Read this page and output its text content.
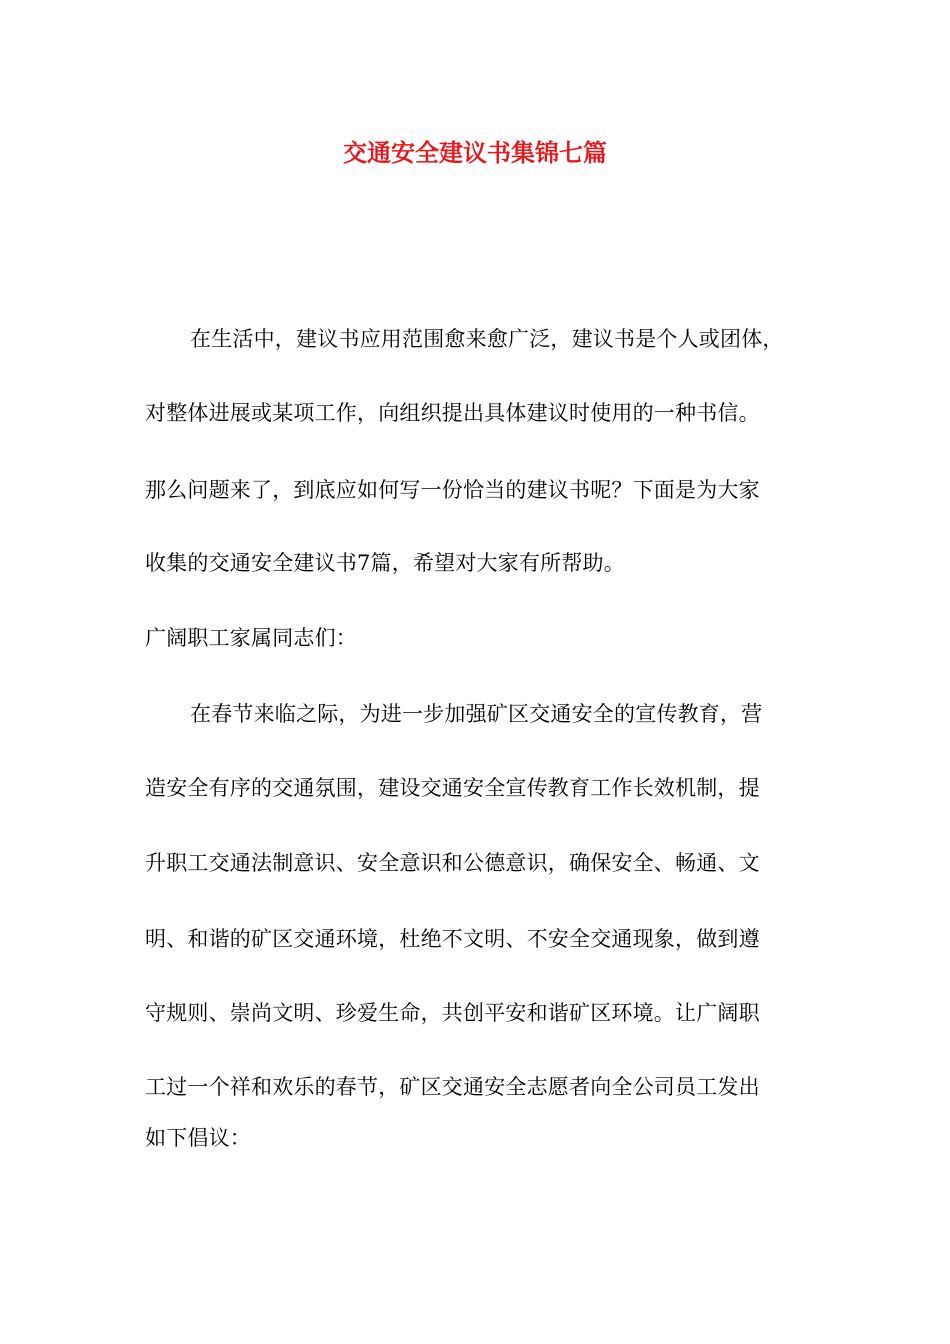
交通安全建议书集锦七篇
在生活中，建议书应用范围愈来愈广泛，建议书是个人或团体，
对整体进展或某项工作，向组织提出具体建议时使用的一种书信。
那么问题来了，到底应如何写一份恰当的建议书呢？下面是为大家
收集的交通安全建议书7篇，希望对大家有所帮助。
广阔职工家属同志们：
在春节来临之际，为进一步加强矿区交通安全的宣传教育，营
造安全有序的交通氛围，建设交通安全宣传教育工作长效机制，提
升职工交通法制意识、安全意识和公德意识，确保安全、畅通、文
明、和谐的矿区交通环境，杜绝不文明、不安全交通现象，做到遵
守规则、崇尚文明、珍爱生命，共创平安和谐矿区环境。让广阔职
工过一个祥和欢乐的春节，矿区交通安全志愿者向全公司员工发出
如下倡议：
